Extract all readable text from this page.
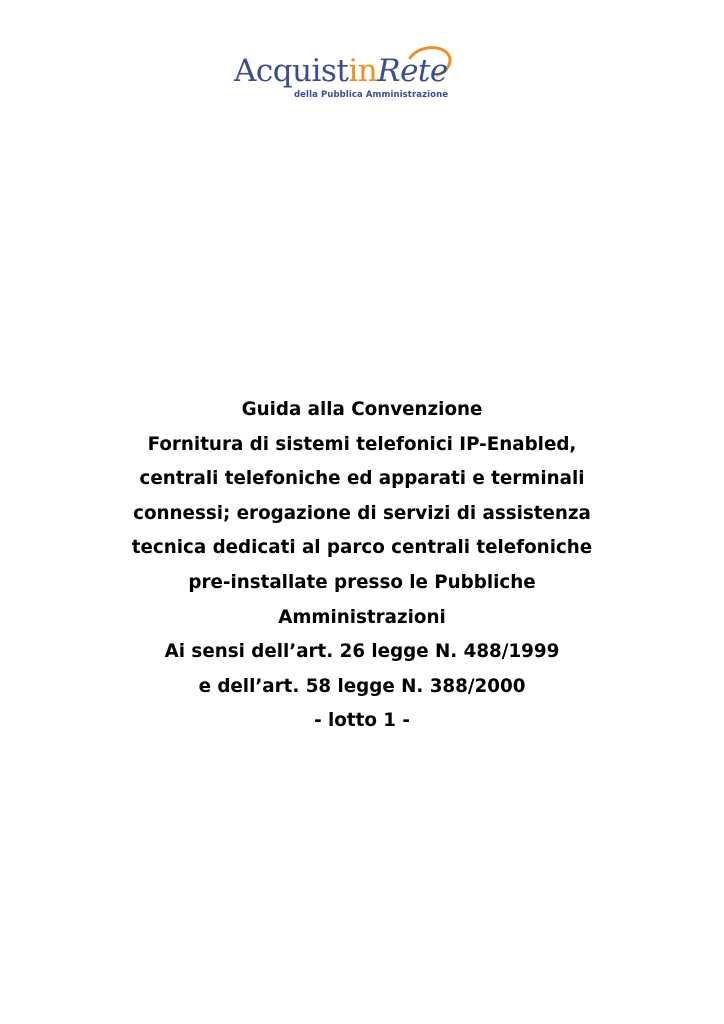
AcquistinRete
della Pubblica Amministrazione
Guida alla Convenzione
Fornitura di sistemi telefonici IP-Enabled,
centrali telefoniche ed apparati e terminali
connessi; erogazione di servizi di assistenza
tecnica dedicati al parco centrali telefoniche
pre-installate presso le Pubbliche
Amministrazioni
Ai sensi dell’art. 26 legge N. 488/1999
e dell’art. 58 legge N. 388/2000
- lotto 1 -
